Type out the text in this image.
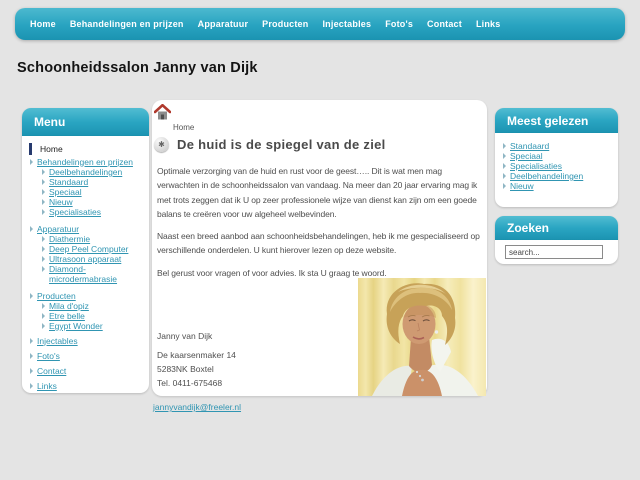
Home Behandelingen en prijzen Apparatuur Producten Injectables Foto's Contact Links
Schoonheidssalon Janny van Dijk
Menu
Home
Behandelingen en prijzen
Deelbehandelingen
Standaard
Speciaal
Nieuw
Specialisaties
Apparatuur
Diathermie
Deep Peel Computer
Ultrasoon apparaat
Diamond-microdermabrasie
Producten
Mila d'opiz
Etre belle
Egypt Wonder
Injectables
Foto's
Contact
Links
Home
✱
De huid is de spiegel van de ziel

Optimale verzorging van de huid en rust voor de geest….. Dit is wat men mag verwachten in de schoonheidssalon van vandaag. Na meer dan 20 jaar ervaring mag ik met trots zeggen dat ik U op zeer professionele wijze van dienst kan zijn om een goede balans te creëren voor uw algeheel welbevinden.

Naast een breed aanbod aan schoonheidsbehandelingen, heb ik me gespecialiseerd op verschillende onderdelen. U kunt hierover lezen op deze website.

Bel gerust voor vragen of voor advies. Ik sta U graag te woord.

Janny van Dijk
De kaarsenmaker 14
5283NK Boxtel
Tel. 0411-675468
jannyvandijk@freeler.nl
Meest gelezen
Standaard
Speciaal
Specialisaties
Deelbehandelingen
Nieuw
Zoeken
search...
